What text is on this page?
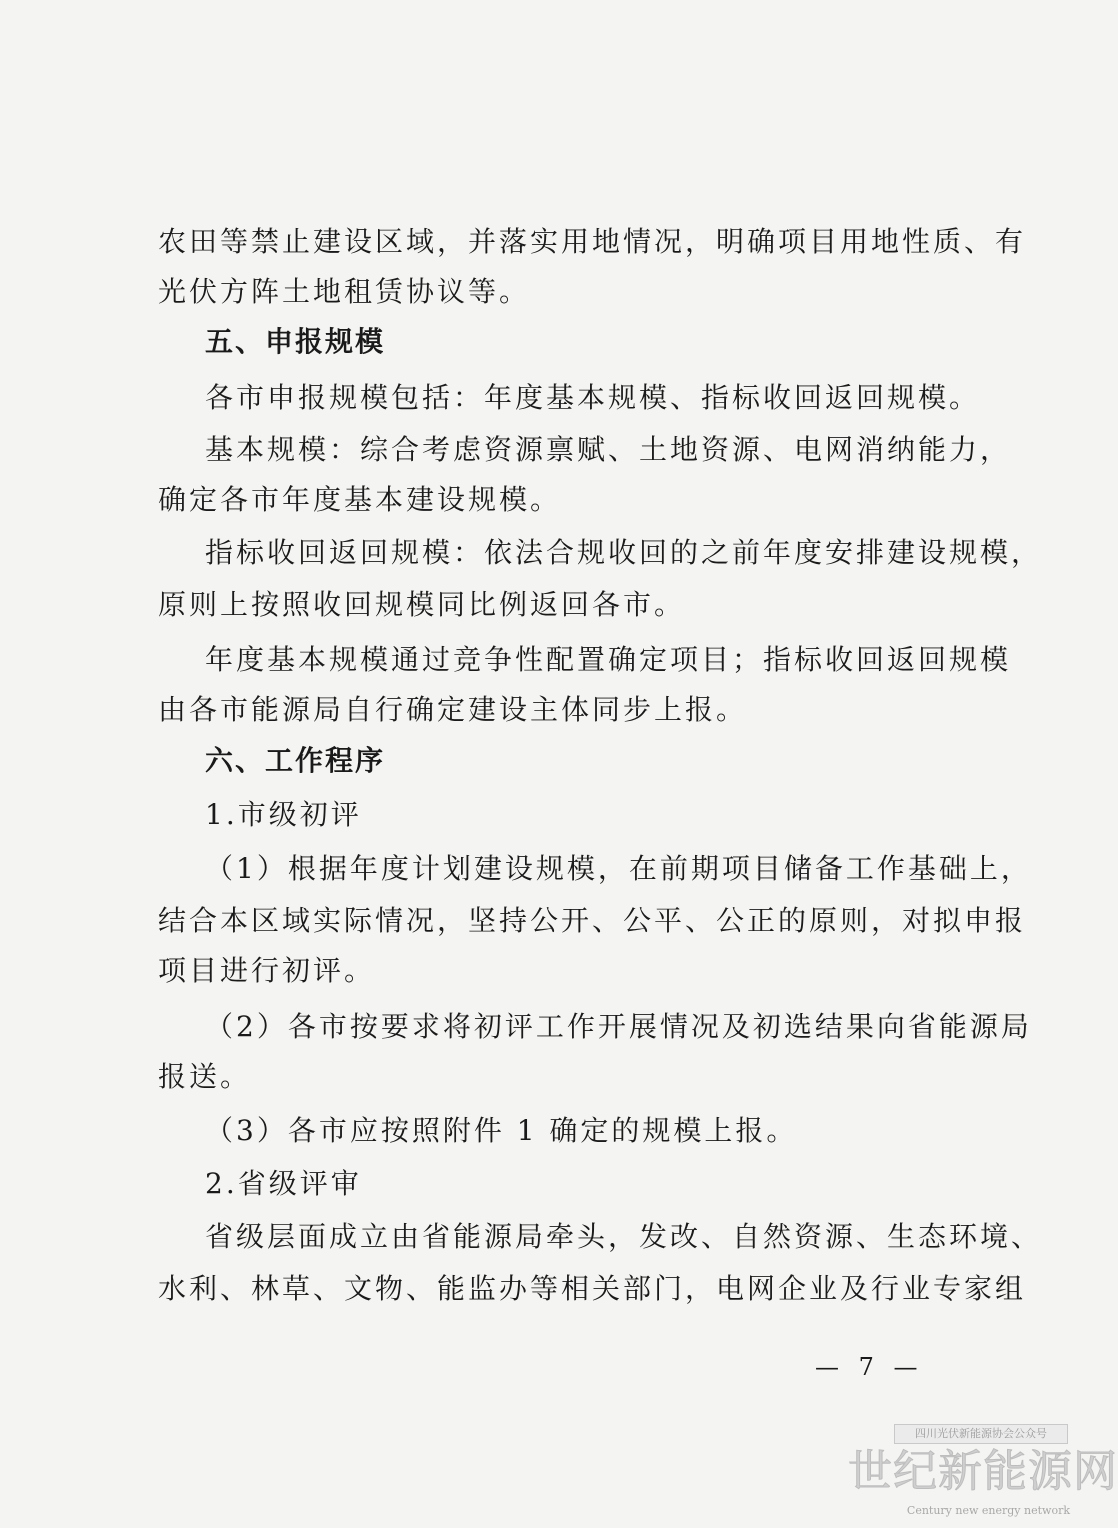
农田等禁止建设区域，并落实用地情况，明确项目用地性质、有
光伏方阵土地租赁协议等。
五、申报规模
各市申报规模包括：年度基本规模、指标收回返回规模。
基本规模：综合考虑资源禀赋、土地资源、电网消纳能力，
确定各市年度基本建设规模。
指标收回返回规模：依法合规收回的之前年度安排建设规模，
原则上按照收回规模同比例返回各市。
年度基本规模通过竞争性配置确定项目；指标收回返回规模
由各市能源局自行确定建设主体同步上报。
六、工作程序
1.市级初评
（1）根据年度计划建设规模，在前期项目储备工作基础上，
结合本区域实际情况，坚持公开、公平、公正的原则，对拟申报
项目进行初评。
（2）各市按要求将初评工作开展情况及初选结果向省能源局
报送。
（3）各市应按照附件 1 确定的规模上报。
2.省级评审
省级层面成立由省能源局牵头，发改、自然资源、生态环境、
水利、林草、文物、能监办等相关部门，电网企业及行业专家组
— 7 —
四川光伏新能源协会公众号
世纪新能源网
Century new energy network
